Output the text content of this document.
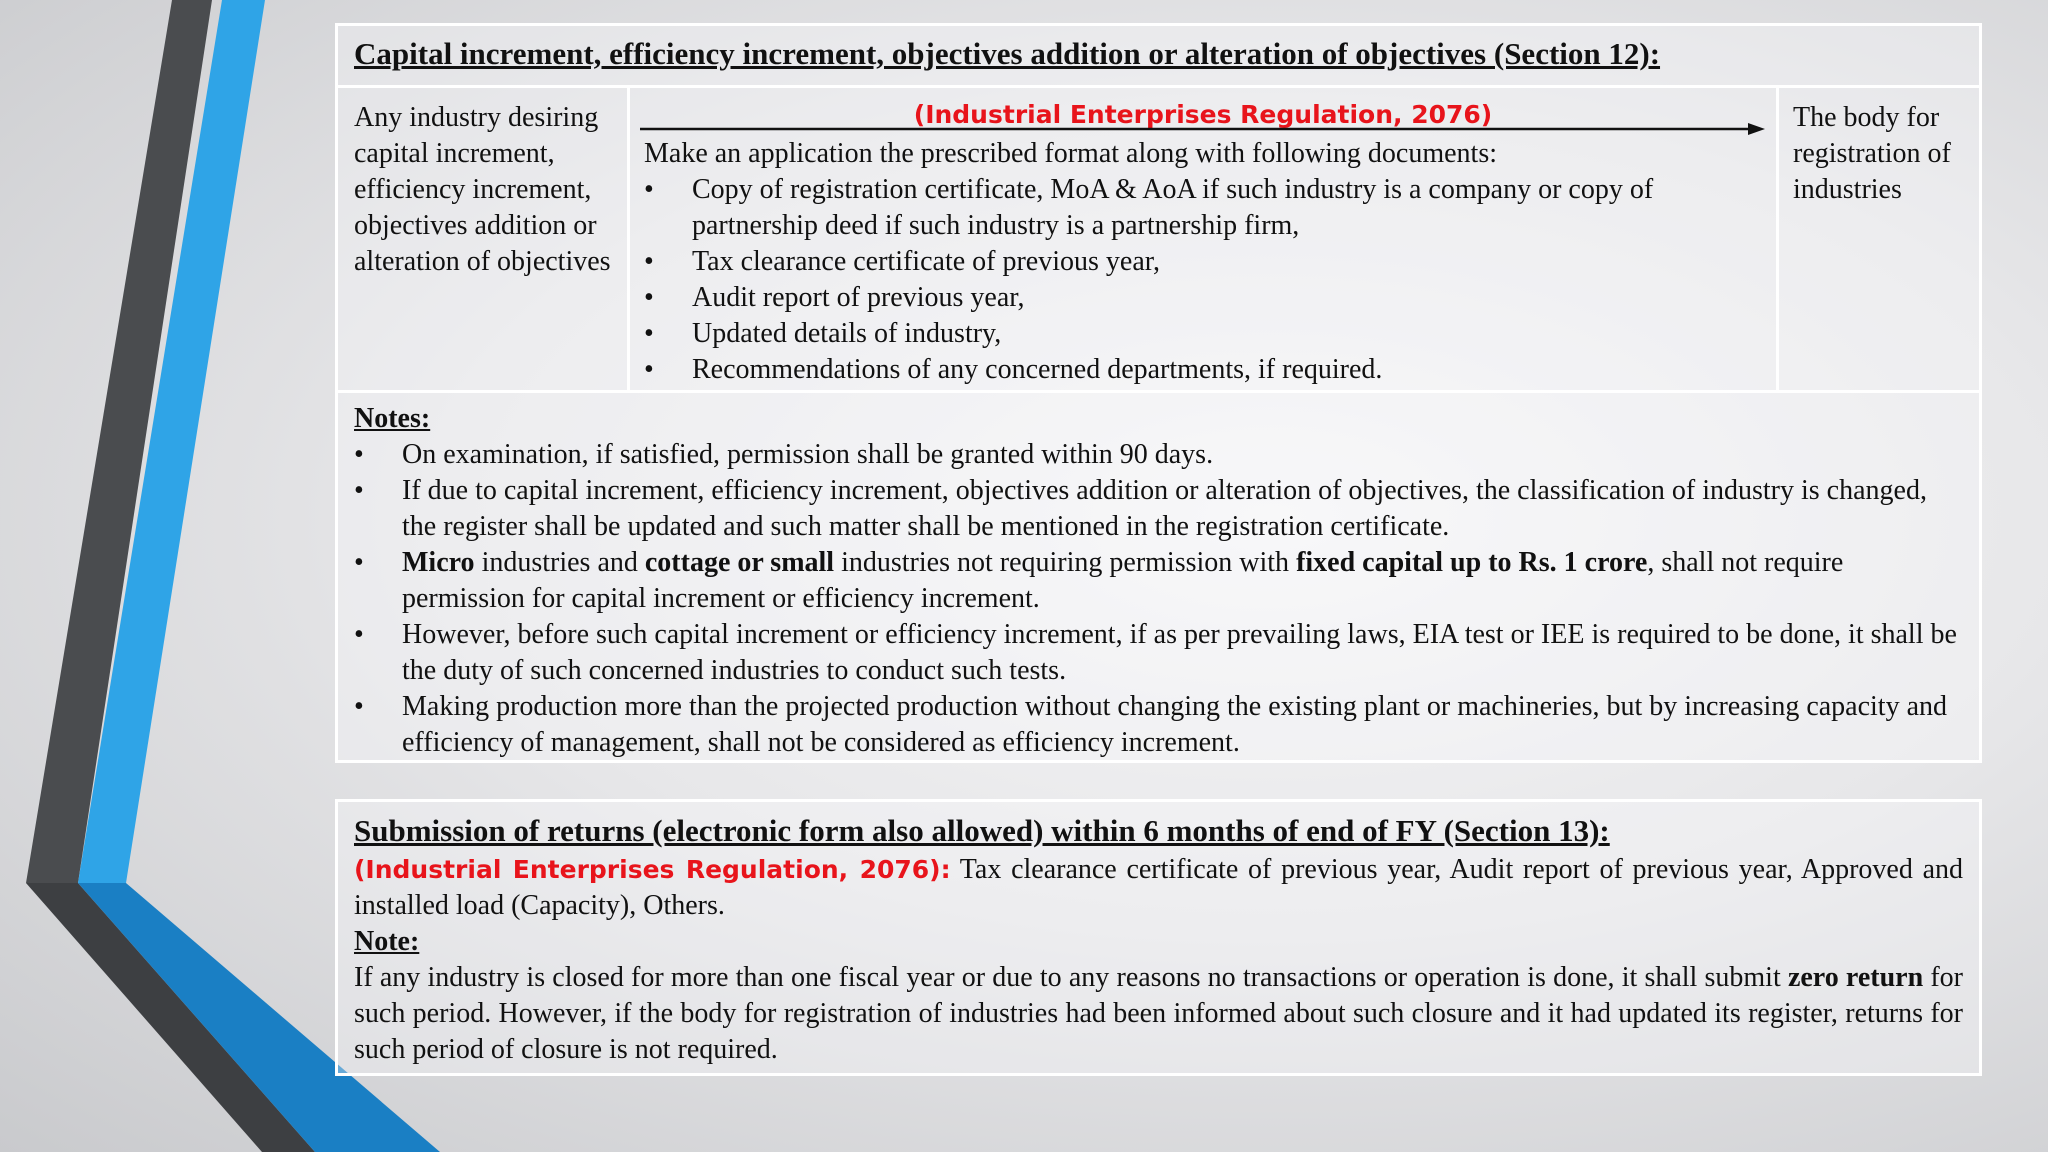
Capital increment, efficiency increment, objectives addition or alteration of objectives (Section 12):
Any industry desiring capital increment, efficiency increment, objectives addition or alteration of objectives
(Industrial Enterprises Regulation, 2076)
Make an application the prescribed format along with following documents:
• Copy of registration certificate, MoA & AoA if such industry is a company or copy of partnership deed if such industry is a partnership firm,
• Tax clearance certificate of previous year,
• Audit report of previous year,
• Updated details of industry,
• Recommendations of any concerned departments, if required.
The body for registration of industries
Notes:
• On examination, if satisfied, permission shall be granted within 90 days.
• If due to capital increment, efficiency increment, objectives addition or alteration of objectives, the classification of industry is changed, the register shall be updated and such matter shall be mentioned in the registration certificate.
• Micro industries and cottage or small industries not requiring permission with fixed capital up to Rs. 1 crore, shall not require permission for capital increment or efficiency increment.
• However, before such capital increment or efficiency increment, if as per prevailing laws, EIA test or IEE is required to be done, it shall be the duty of such concerned industries to conduct such tests.
• Making production more than the projected production without changing the existing plant or machineries, but by increasing capacity and efficiency of management, shall not be considered as efficiency increment.
Submission of returns (electronic form also allowed) within 6 months of end of FY (Section 13):
(Industrial Enterprises Regulation, 2076): Tax clearance certificate of previous year, Audit report of previous year, Approved and installed load (Capacity), Others.
Note:
If any industry is closed for more than one fiscal year or due to any reasons no transactions or operation is done, it shall submit zero return for such period. However, if the body for registration of industries had been informed about such closure and it had updated its register, returns for such period of closure is not required.
